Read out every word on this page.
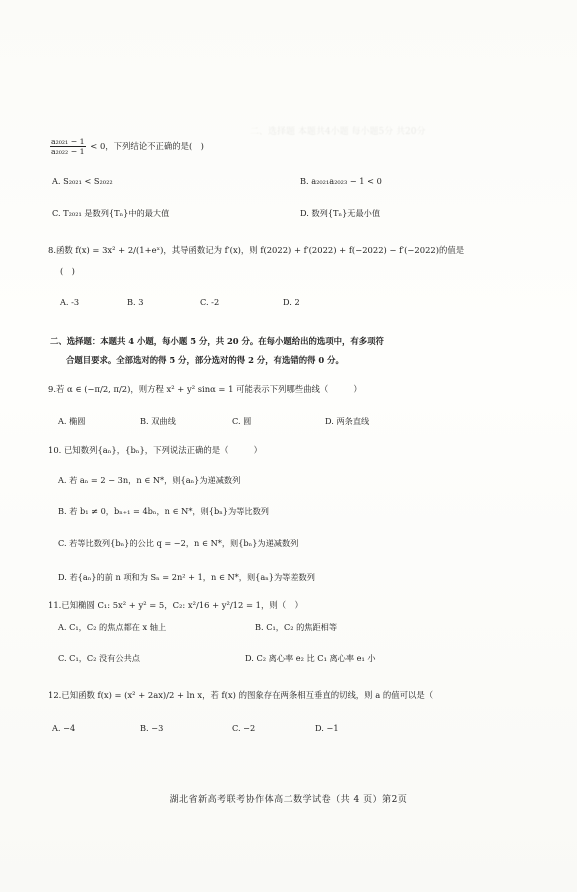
二、选择题 本题共4小题 每小题5分 共20分
$\frac{\text{a₂₀₂₁ − 1}}{\text{a₂₀₂₂ − 1}} < 0$，下列结论不正确的是(　)
A. S₂₀₂₁ < S₂₀₂₂	B. a₂₀₂₁a₂₀₂₃ − 1 < 0
C. T₂₀₂₁ 是数列{Tₙ}中的最大值	D. 数列{Tₙ}无最小值
8.函数 f(x) = 3x² + 2/(1+eˣ)，其导函数记为 f′(x)，则 f(2022) + f′(2022) + f(−2022) − f′(−2022)的值是
(　)
A. -3	B. 3	C. -2	D. 2
二、选择题：本题共 4 小题，每小题 5 分，共 20 分。在每小题给出的选项中，有多项符
合题目要求。全部选对的得 5 分，部分选对的得 2 分，有选错的得 0 分。
9.若 α ∈ (−π/2, π/2)，则方程 x² + y² sinα = 1 可能表示下列哪些曲线（　　　）
A. 椭圆	B. 双曲线	C. 圆	D. 两条直线
10. 已知数列{aₙ}，{bₙ}，下列说法正确的是（　　　）
A. 若 aₙ = 2 − 3n，n ∈ N*，则{aₙ}为递减数列
B. 若 b₁ ≠ 0，bₙ₊₁ = 4bₙ，n ∈ N*，则{bₙ}为等比数列
C. 若等比数列{bₙ}的公比 q = −2，n ∈ N*，则{bₙ}为递减数列
D. 若{aₙ}的前 n 项和为 Sₙ = 2n² + 1，n ∈ N*，则{aₙ}为等差数列
11.已知椭圆 C₁: 5x² + y² = 5，C₂: x²/16 + y²/12 = 1，则（　）
A. C₁，C₂ 的焦点都在 x 轴上	B. C₁，C₂ 的焦距相等
C. C₁，C₂ 没有公共点	D. C₂ 离心率 e₂ 比 C₁ 离心率 e₁ 小
12.已知函数 f(x) = (x² + 2ax)/2 + ln x，若 f(x) 的图象存在两条相互垂直的切线，则 a 的值可以是（
A. −4	B. −3	C. −2	D. −1
湖北省新高考联考协作体高二数学试卷（共 4 页）第2页
